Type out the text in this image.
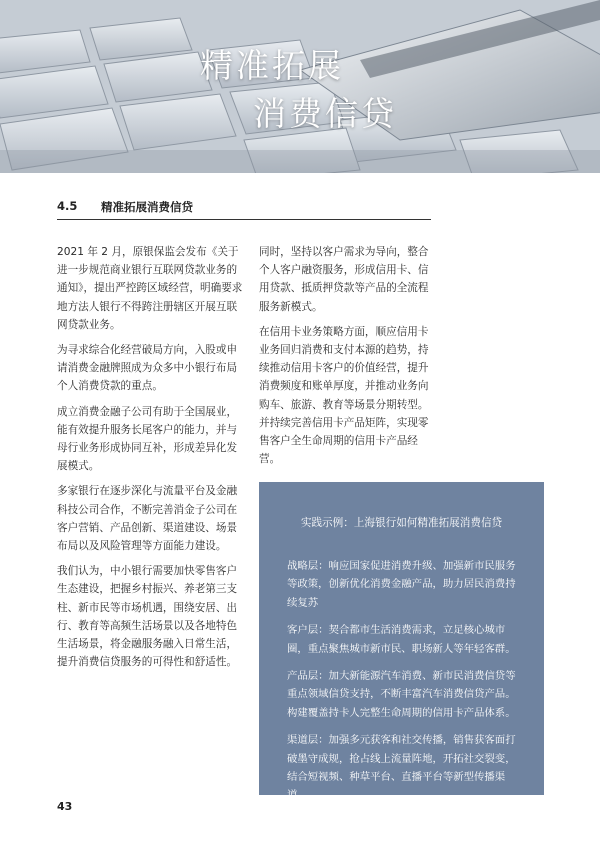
精准拓展
消费信贷
4.5 精准拓展消费信贷

2021 年 2 月，原银保监会发布《关于进一步规范商业银行互联网贷款业务的通知》，提出严控跨区域经营，明确要求地方法人银行不得跨注册辖区开展互联网贷款业务。

为寻求综合化经营破局方向，入股或申请消费金融牌照成为众多中小银行布局个人消费贷款的重点。

成立消费金融子公司有助于全国展业，能有效提升服务长尾客户的能力，并与母行业务形成协同互补，形成差异化发展模式。

多家银行在逐步深化与流量平台及金融科技公司合作，不断完善消金子公司在客户营销、产品创新、渠道建设、场景布局以及风险管理等方面能力建设。

我们认为，中小银行需要加快零售客户生态建设，把握乡村振兴、养老第三支柱、新市民等市场机遇，围绕安居、出行、教育等高频生活场景以及各地特色生活场景，将金融服务融入日常生活，提升消费信贷服务的可得性和舒适性。

同时，坚持以客户需求为导向，整合个人客户融资服务，形成信用卡、信用贷款、抵质押贷款等产品的全流程服务新模式。

在信用卡业务策略方面，顺应信用卡业务回归消费和支付本源的趋势，持续推动信用卡客户的价值经营，提升消费频度和账单厚度，并推动业务向购车、旅游、教育等场景分期转型。并持续完善信用卡产品矩阵，实现零售客户全生命周期的信用卡产品经营。

实践示例：上海银行如何精准拓展消费信贷

战略层：响应国家促进消费升级、加强新市民服务等政策，创新优化消费金融产品，助力居民消费持续复苏

客户层：契合都市生活消费需求，立足核心城市圈，重点聚焦城市新市民、职场新人等年轻客群。

产品层：加大新能源汽车消费、新市民消费信贷等重点领域信贷支持，不断丰富汽车消费信贷产品。构建覆盖持卡人完整生命周期的信用卡产品体系。

渠道层：加强多元获客和社交传播，销售获客面打破墨守成规，抢占线上流量阵地，开拓社交裂变，结合短视频、种草平台、直播平台等新型传播渠道。

43
